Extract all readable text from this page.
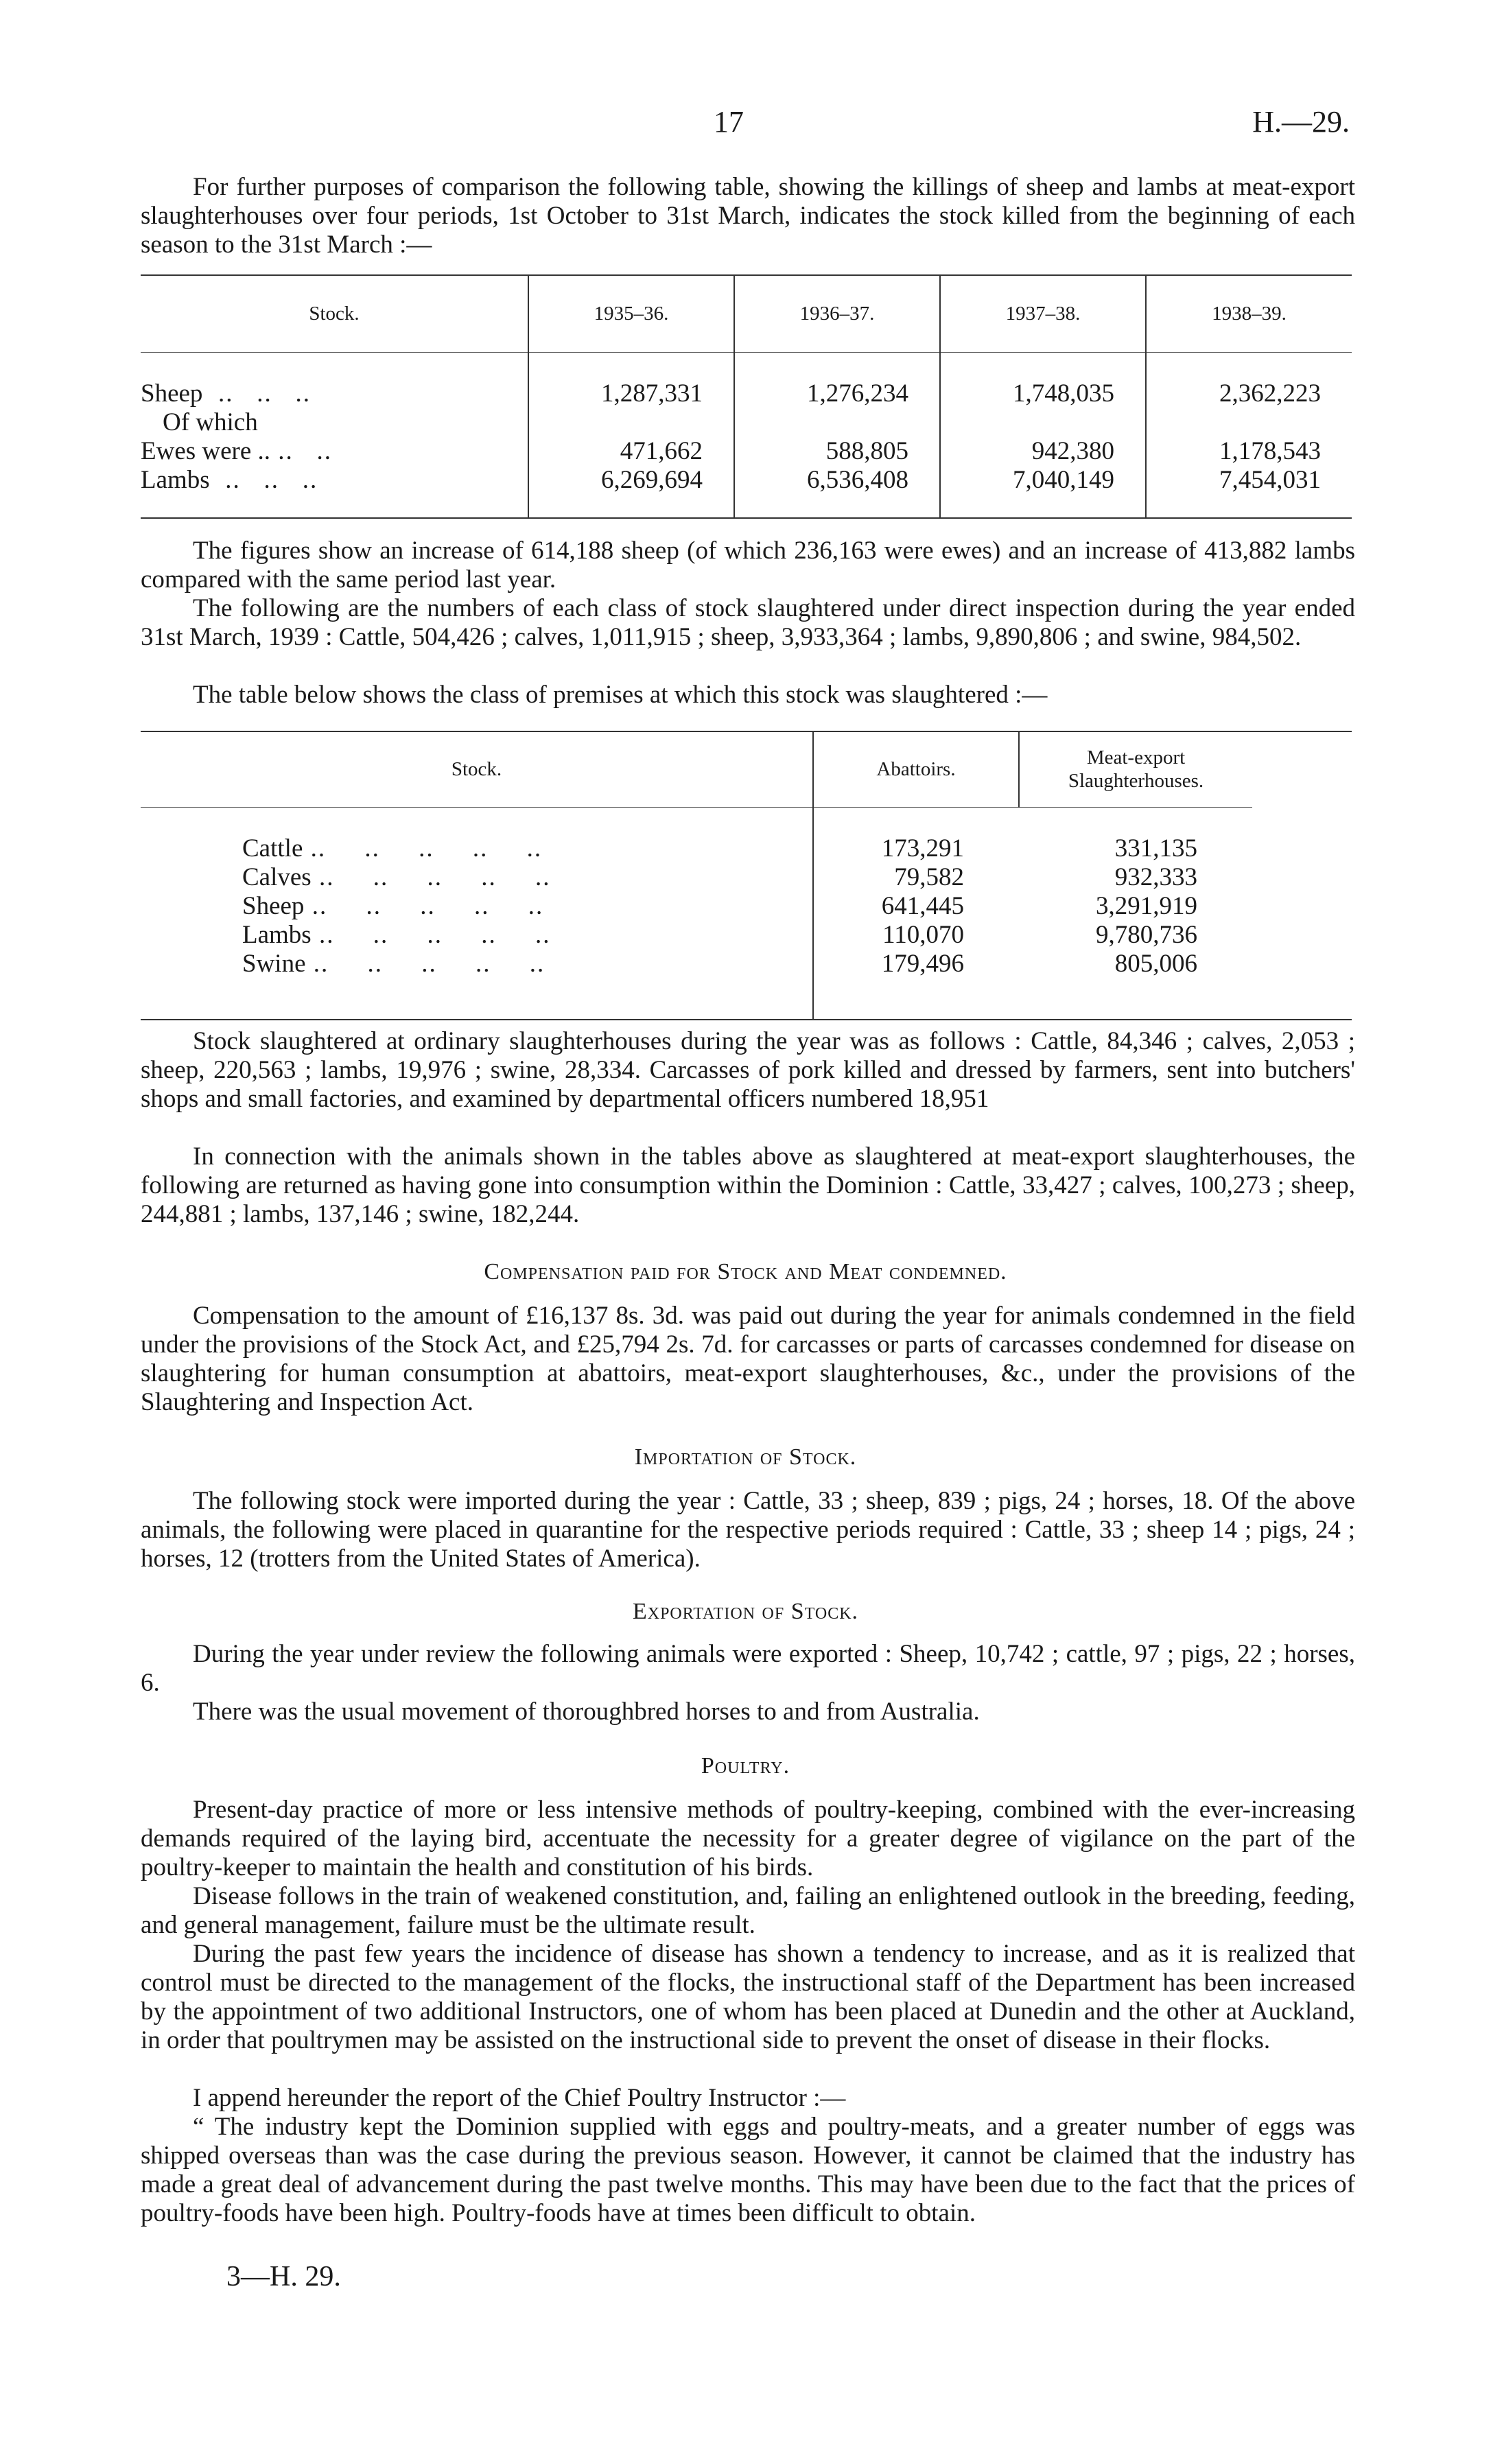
17	H.—29.

For further purposes of comparison the following table, showing the killings of sheep and lambs at meat-export slaughterhouses over four periods, 1st October to 31st March, indicates the stock killed from the beginning of each season to the 31st March :—

Stock.	1935–36.	1936–37.	1937–38.	1938–39.

Sheep  ..   ..   ..	1,287,331	1,276,234	1,748,035	2,362,223
Of which				
Ewes were .. ..   ..	471,662	588,805	942,380	1,178,543
Lambs  ..   ..   ..	6,269,694	6,536,408	7,040,149	7,454,031

The figures show an increase of 614,188 sheep (of which 236,163 were ewes) and an increase of 413,882 lambs compared with the same period last year.

The following are the numbers of each class of stock slaughtered under direct inspection during the year ended 31st March, 1939 : Cattle, 504,426 ; calves, 1,011,915 ; sheep, 3,933,364 ; lambs, 9,890,806 ; and swine, 984,502.

The table below shows the class of premises at which this stock was slaughtered :—

Stock.	Abattoirs.	Meat-export Slaughterhouses.	

Cattle ..     ..     ..     ..     ..	173,291	331,135	
Calves ..     ..     ..     ..     ..	79,582	932,333	
Sheep ..     ..     ..     ..     ..	641,445	3,291,919	
Lambs ..     ..     ..     ..     ..	110,070	9,780,736	
Swine ..     ..     ..     ..     ..	179,496	805,006	

Stock slaughtered at ordinary slaughterhouses during the year was as follows : Cattle, 84,346 ; calves, 2,053 ; sheep, 220,563 ; lambs, 19,976 ; swine, 28,334. Carcasses of pork killed and dressed by farmers, sent into butchers' shops and small factories, and examined by departmental officers numbered 18,951

In connection with the animals shown in the tables above as slaughtered at meat-export slaughterhouses, the following are returned as having gone into consumption within the Dominion : Cattle, 33,427 ; calves, 100,273 ; sheep, 244,881 ; lambs, 137,146 ; swine, 182,244.

Compensation paid for Stock and Meat condemned.

Compensation to the amount of £16,137 8s. 3d. was paid out during the year for animals condemned in the field under the provisions of the Stock Act, and £25,794 2s. 7d. for carcasses or parts of carcasses condemned for disease on slaughtering for human consumption at abattoirs, meat-export slaughterhouses, &c., under the provisions of the Slaughtering and Inspection Act.

Importation of Stock.

The following stock were imported during the year : Cattle, 33 ; sheep, 839 ; pigs, 24 ; horses, 18. Of the above animals, the following were placed in quarantine for the respective periods required : Cattle, 33 ; sheep 14 ; pigs, 24 ; horses, 12 (trotters from the United States of America).

Exportation of Stock.

During the year under review the following animals were exported : Sheep, 10,742 ; cattle, 97 ; pigs, 22 ; horses, 6.

There was the usual movement of thoroughbred horses to and from Australia.

Poultry.

Present-day practice of more or less intensive methods of poultry-keeping, combined with the ever-increasing demands required of the laying bird, accentuate the necessity for a greater degree of vigilance on the part of the poultry-keeper to maintain the health and constitution of his birds.

Disease follows in the train of weakened constitution, and, failing an enlightened outlook in the breeding, feeding, and general management, failure must be the ultimate result.

During the past few years the incidence of disease has shown a tendency to increase, and as it is realized that control must be directed to the management of the flocks, the instructional staff of the Department has been increased by the appointment of two additional Instructors, one of whom has been placed at Dunedin and the other at Auckland, in order that poultrymen may be assisted on the instructional side to prevent the onset of disease in their flocks.

I append hereunder the report of the Chief Poultry Instructor :—

“ The industry kept the Dominion supplied with eggs and poultry-meats, and a greater number of eggs was shipped overseas than was the case during the previous season. However, it cannot be claimed that the industry has made a great deal of advancement during the past twelve months. This may have been due to the fact that the prices of poultry-foods have been high. Poultry-foods have at times been difficult to obtain.

3—H. 29.
